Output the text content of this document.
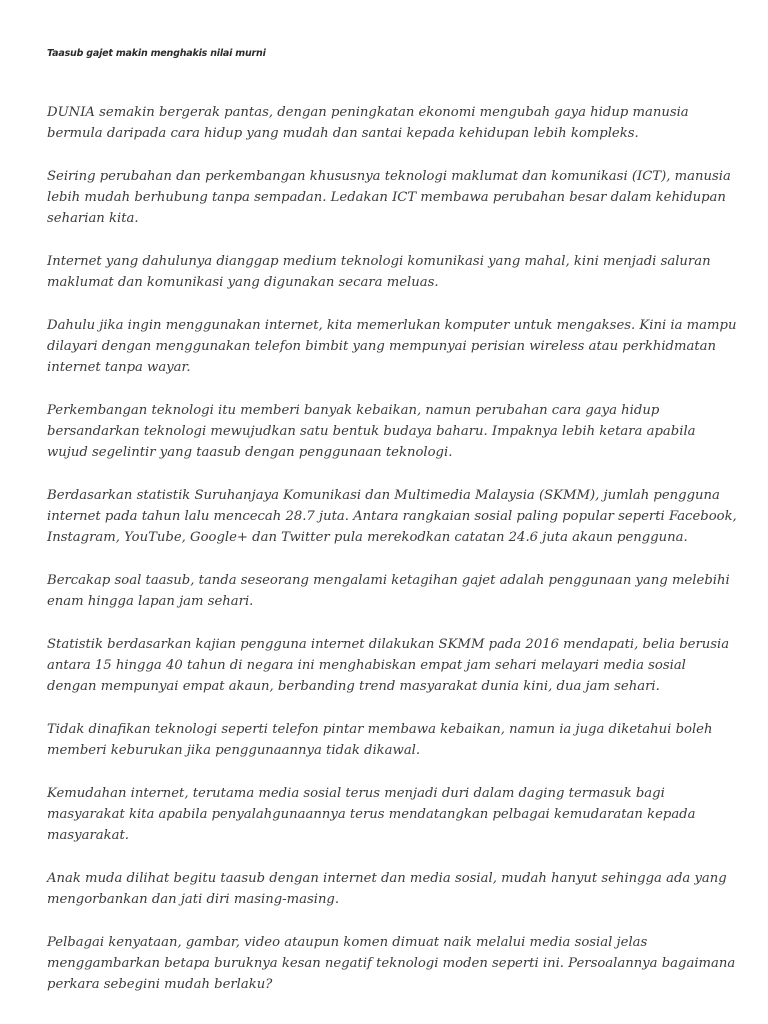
Taasub gajet makin menghakis nilai murni

DUNIA semakin bergerak pantas, dengan peningkatan ekonomi mengubah gaya hidup manusia bermula daripada cara hidup yang mudah dan santai kepada kehidupan lebih kompleks.

Seiring perubahan dan perkembangan khususnya teknologi maklumat dan komunikasi (ICT), manusia lebih mudah berhubung tanpa sempadan. Ledakan ICT membawa perubahan besar dalam kehidupan seharian kita.

Internet yang dahulunya dianggap medium teknologi komunikasi yang mahal, kini menjadi saluran maklumat dan komunikasi yang digunakan secara meluas.

Dahulu jika ingin menggunakan internet, kita memerlukan komputer untuk mengakses. Kini ia mampu dilayari dengan menggunakan telefon bimbit yang mempunyai perisian wireless atau perkhidmatan internet tanpa wayar.

Perkembangan teknologi itu memberi banyak kebaikan, namun perubahan cara gaya hidup bersandarkan teknologi mewujudkan satu bentuk budaya baharu. Impaknya lebih ketara apabila wujud segelintir yang taasub dengan penggunaan teknologi.

Berdasarkan statistik Suruhanjaya Komunikasi dan Multimedia Malaysia (SKMM), jumlah pengguna internet pada tahun lalu mencecah 28.7 juta. Antara rangkaian sosial paling popular seperti Facebook, Instagram, YouTube, Google+ dan Twitter pula merekodkan catatan 24.6 juta akaun pengguna.

Bercakap soal taasub, tanda seseorang mengalami ketagihan gajet adalah penggunaan yang melebihi enam hingga lapan jam sehari.

Statistik berdasarkan kajian pengguna internet dilakukan SKMM pada 2016 mendapati, belia berusia antara 15 hingga 40 tahun di negara ini menghabiskan empat jam sehari melayari media sosial dengan mempunyai empat akaun, berbanding trend masyarakat dunia kini, dua jam sehari.

Tidak dinafikan teknologi seperti telefon pintar membawa kebaikan, namun ia juga diketahui boleh memberi keburukan jika penggunaannya tidak dikawal.

Kemudahan internet, terutama media sosial terus menjadi duri dalam daging termasuk bagi masyarakat kita apabila penyalahgunaannya terus mendatangkan pelbagai kemudaratan kepada masyarakat.

Anak muda dilihat begitu taasub dengan internet dan media sosial, mudah hanyut sehingga ada yang mengorbankan dan jati diri masing-masing.

Pelbagai kenyataan, gambar, video ataupun komen dimuat naik melalui media sosial jelas menggambarkan betapa buruknya kesan negatif teknologi moden seperti ini. Persoalannya bagaimana perkara sebegini mudah berlaku?
